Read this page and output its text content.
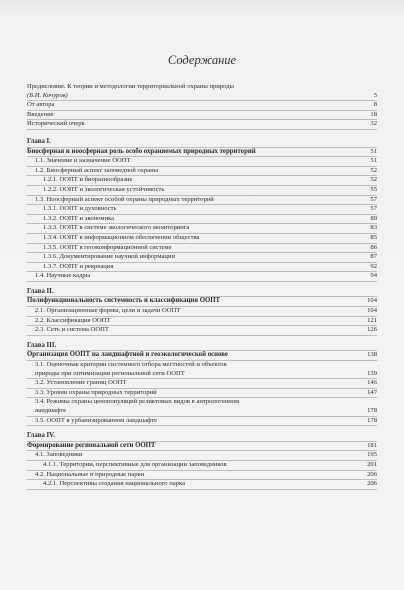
Содержание
Предисловие. К теории и методологии территориальной охраны природы
(Б.И. Кочуров)	5
От автора	8
Введение	18
Исторический очерк	32
Глава I.
Биосферная и ноосферная роль особо охраняемых природных территорий	51
1.1. Значение и назначение ООПТ	51
1.2. Биосферный аспект заповедной охраны	52
1.2.1. ООПТ и биоразнообразие	52
1.2.2. ООПТ и экологическая устойчивость	55
1.3. Ноосферный аспект особой охраны природных территорий	57
1.3.1. ООПТ и духовность	57
1.3.2. ООПТ и экономика	80
1.3.3. ООПТ в системе экологического мониторинга	83
1.3.4. ООПТ в информационном обеспечении общества	85
1.3.5. ООПТ в геоэконформационной системе	86
1.3.6. Документирование научной информации	87
1.3.7. ООПТ и рекреация	92
1.4. Научные кадры	94
Глава II.
Полифункциональность системность и классификация ООПТ	104
2.1. Организационные формы, цели и задачи ООПТ	104
2.2. Классификация ООПТ	121
2.3. Сеть и система ООПТ	126
Глава III.
Организация ООПТ на ландшафтной и геоэкологической основе	138
3.1. Оценочные критерии системного отбора местностей и объектов
природы при оптимизации региональной сети ООПТ	139
3.2. Установление границ ООПТ	146
3.3. Уровни охраны природных территорий	147
3.4. Режимы охраны ценопопуляций реликтовых видов в антропогенном
ландшафте	178
3.5. ООПТ в урбанизированном ландшафте	178
Глава IV.
Формирование региональной сети ООПТ	181
4.1. Заповедники	195
4.1.1. Территории, перспективные для организации заповедников	201
4.2. Национальные и природные парки	206
4.2.1. Перспективы создания национального парка	206
